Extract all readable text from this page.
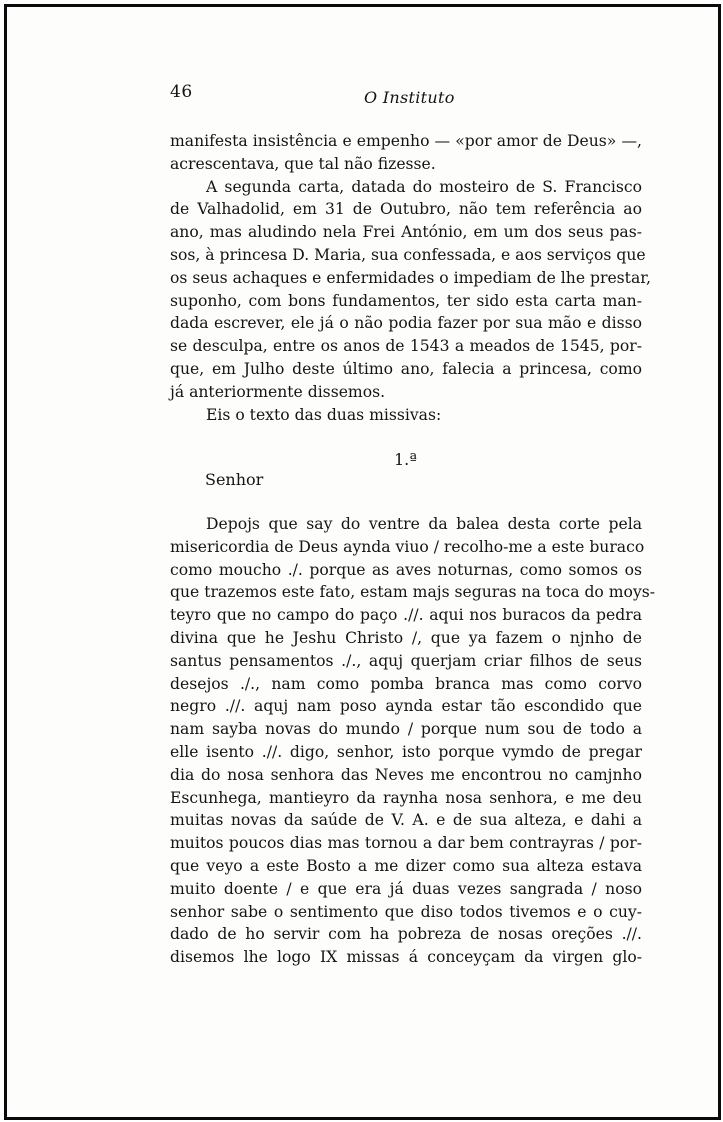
46	O Instituto
manifesta insistência e empenho — «por amor de Deus» —,
acrescentava, que tal não fizesse.
A segunda carta, datada do mosteiro de S. Francisco
de Valhadolid, em 31 de Outubro, não tem referência ao
ano, mas aludindo nela Frei António, em um dos seus pas-
sos, à princesa D. Maria, sua confessada, e aos serviços que
os seus achaques e enfermidades o impediam de lhe prestar,
suponho, com bons fundamentos, ter sido esta carta man-
dada escrever, ele já o não podia fazer por sua mão e disso
se desculpa, entre os anos de 1543 a meados de 1545, por-
que, em Julho deste último ano, falecia a princesa, como
já anteriormente dissemos.
Eis o texto das duas missivas:
1.ª
Senhor
Depojs que say do ventre da balea desta corte pela
misericordia de Deus aynda viuo / recolho-me a este buraco
como moucho ./. porque as aves noturnas, como somos os
que trazemos este fato, estam majs seguras na toca do moys-
teyro que no campo do paço .//. aqui nos buracos da pedra
divina que he Jeshu Christo /, que ya fazem o njnho de
santus pensamentos ./., aquj querjam criar filhos de seus
desejos ./., nam como pomba branca mas como corvo
negro .//. aquj nam poso aynda estar tão escondido que
nam sayba novas do mundo / porque num sou de todo a
elle isento .//. digo, senhor, isto porque vymdo de pregar
dia do nosa senhora das Neves me encontrou no camjnho
Escunhega, mantieyro da raynha nosa senhora, e me deu
muitas novas da saúde de V. A. e de sua alteza, e dahi a
muitos poucos dias mas tornou a dar bem contrayras / por-
que veyo a este Bosto a me dizer como sua alteza estava
muito doente / e que era já duas vezes sangrada / noso
senhor sabe o sentimento que diso todos tivemos e o cuy-
dado de ho servir com ha pobreza de nosas oreções .//.
disemos lhe logo IX missas á conceyçam da virgen glo-
